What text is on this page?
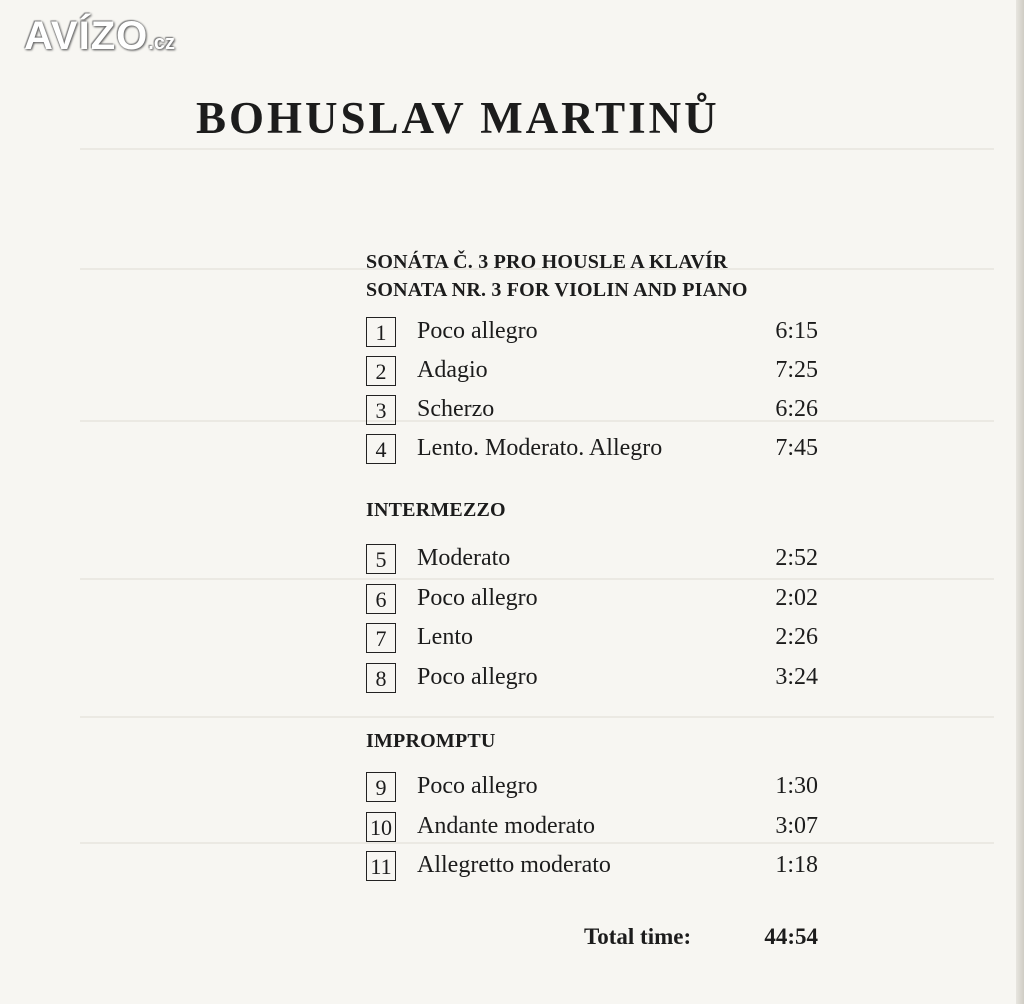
AVÍZO.cz
BOHUSLAV MARTINŮ
SONÁTA Č. 3 PRO HOUSLE A KLAVÍR
SONATA NR. 3 FOR VIOLIN AND PIANO
1	Poco allegro	6:15
2	Adagio	7:25
3	Scherzo	6:26
4	Lento. Moderato. Allegro	7:45
INTERMEZZO
5	Moderato	2:52
6	Poco allegro	2:02
7	Lento	2:26
8	Poco allegro	3:24
IMPROMPTU
9	Poco allegro	1:30
10 Andante moderato	3:07
11 Allegretto moderato	1:18
Total time:	44:54
